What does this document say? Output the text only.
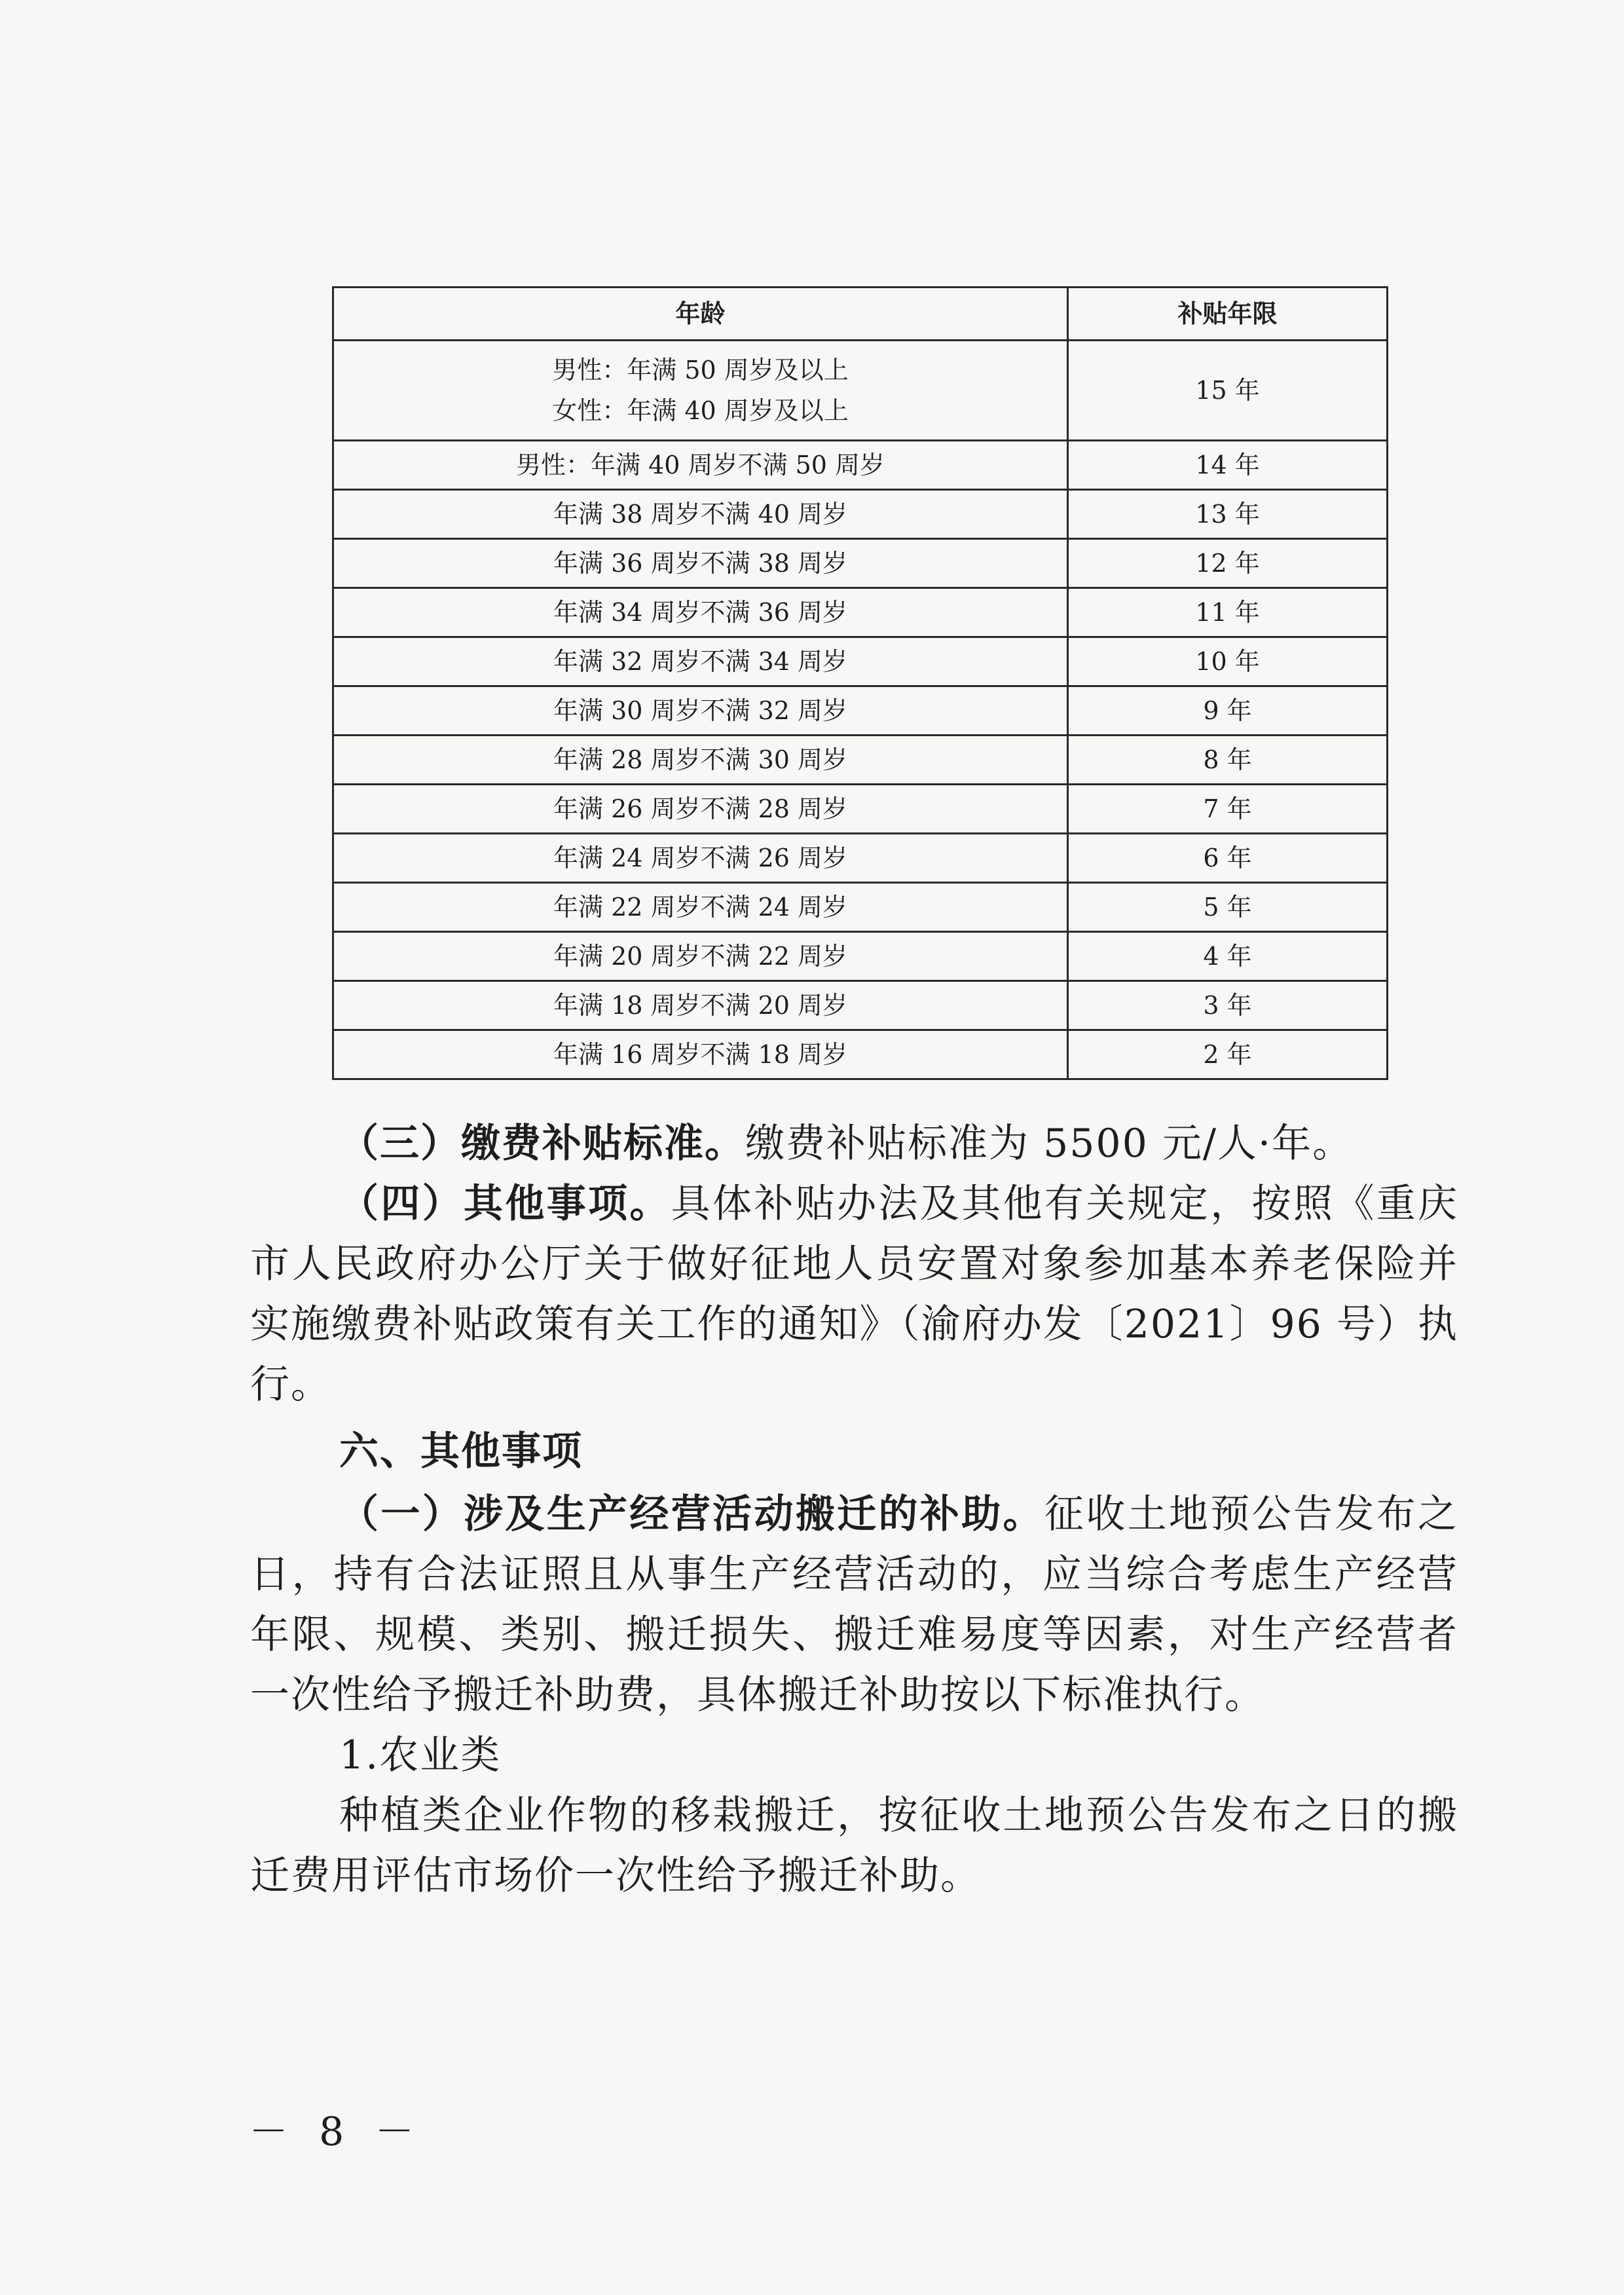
年龄	补贴年限

男性：年满 50 周岁及以上
女性：年满 40 周岁及以上	15 年
男性：年满 40 周岁不满 50 周岁	14 年
年满 38 周岁不满 40 周岁	13 年
年满 36 周岁不满 38 周岁	12 年
年满 34 周岁不满 36 周岁	11 年
年满 32 周岁不满 34 周岁	10 年
年满 30 周岁不满 32 周岁	9 年
年满 28 周岁不满 30 周岁	8 年
年满 26 周岁不满 28 周岁	7 年
年满 24 周岁不满 26 周岁	6 年
年满 22 周岁不满 24 周岁	5 年
年满 20 周岁不满 22 周岁	4 年
年满 18 周岁不满 20 周岁	3 年
年满 16 周岁不满 18 周岁	2 年

（三）缴费补贴标准。缴费补贴标准为 5500 元/人·年。

（四）其他事项。具体补贴办法及其他有关规定，按照《重庆市人民政府办公厅关于做好征地人员安置对象参加基本养老保险并实施缴费补贴政策有关工作的通知》（渝府办发〔2021〕96 号）执行。

六、其他事项

（一）涉及生产经营活动搬迁的补助。征收土地预公告发布之日，持有合法证照且从事生产经营活动的，应当综合考虑生产经营年限、规模、类别、搬迁损失、搬迁难易度等因素，对生产经营者一次性给予搬迁补助费，具体搬迁补助按以下标准执行。

1.农业类

种植类企业作物的移栽搬迁，按征收土地预公告发布之日的搬迁费用评估市场价一次性给予搬迁补助。

－ 8 －
